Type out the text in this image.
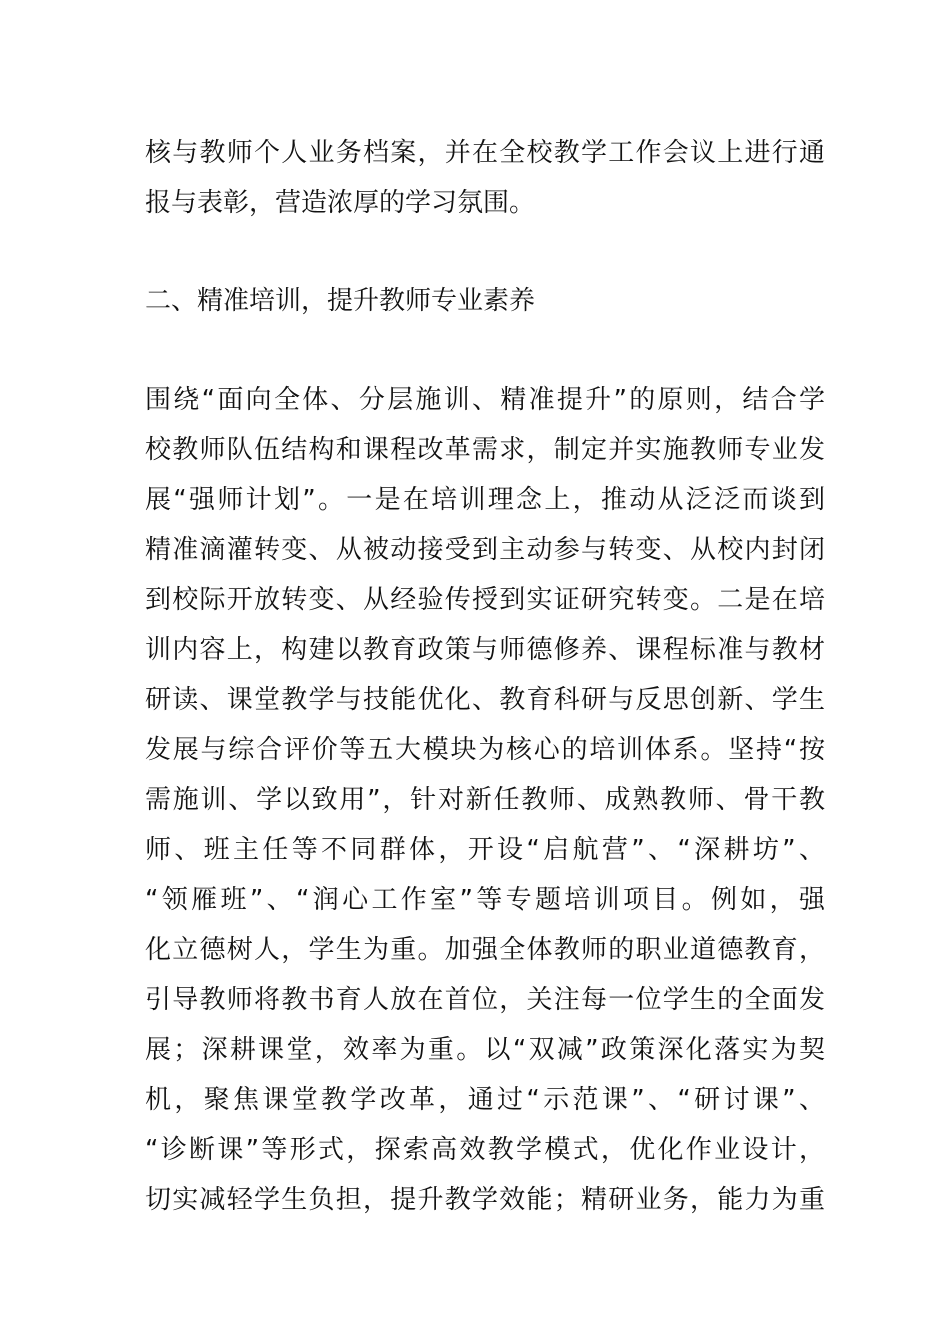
核与教师个人业务档案，并在全校教学工作会议上进行通

报与表彰，营造浓厚的学习氛围。

二、精准培训，提升教师专业素养

围绕“面向全体、分层施训、精准提升”的原则，结合学

校教师队伍结构和课程改革需求，制定并实施教师专业发

展“强师计划”。一是在培训理念上，推动从泛泛而谈到

精准滴灌转变、从被动接受到主动参与转变、从校内封闭

到校际开放转变、从经验传授到实证研究转变。二是在培

训内容上，构建以教育政策与师德修养、课程标准与教材

研读、课堂教学与技能优化、教育科研与反思创新、学生

发展与综合评价等五大模块为核心的培训体系。坚持“按

需施训、学以致用”，针对新任教师、成熟教师、骨干教

师、班主任等不同群体，开设“启航营”、“深耕坊”、

“领雁班”、“润心工作室”等专题培训项目。例如，强

化立德树人，学生为重。加强全体教师的职业道德教育，

引导教师将教书育人放在首位，关注每一位学生的全面发

展；深耕课堂，效率为重。以“双减”政策深化落实为契

机，聚焦课堂教学改革，通过“示范课”、“研讨课”、

“诊断课”等形式，探索高效教学模式，优化作业设计，

切实减轻学生负担，提升教学效能；精研业务，能力为重
